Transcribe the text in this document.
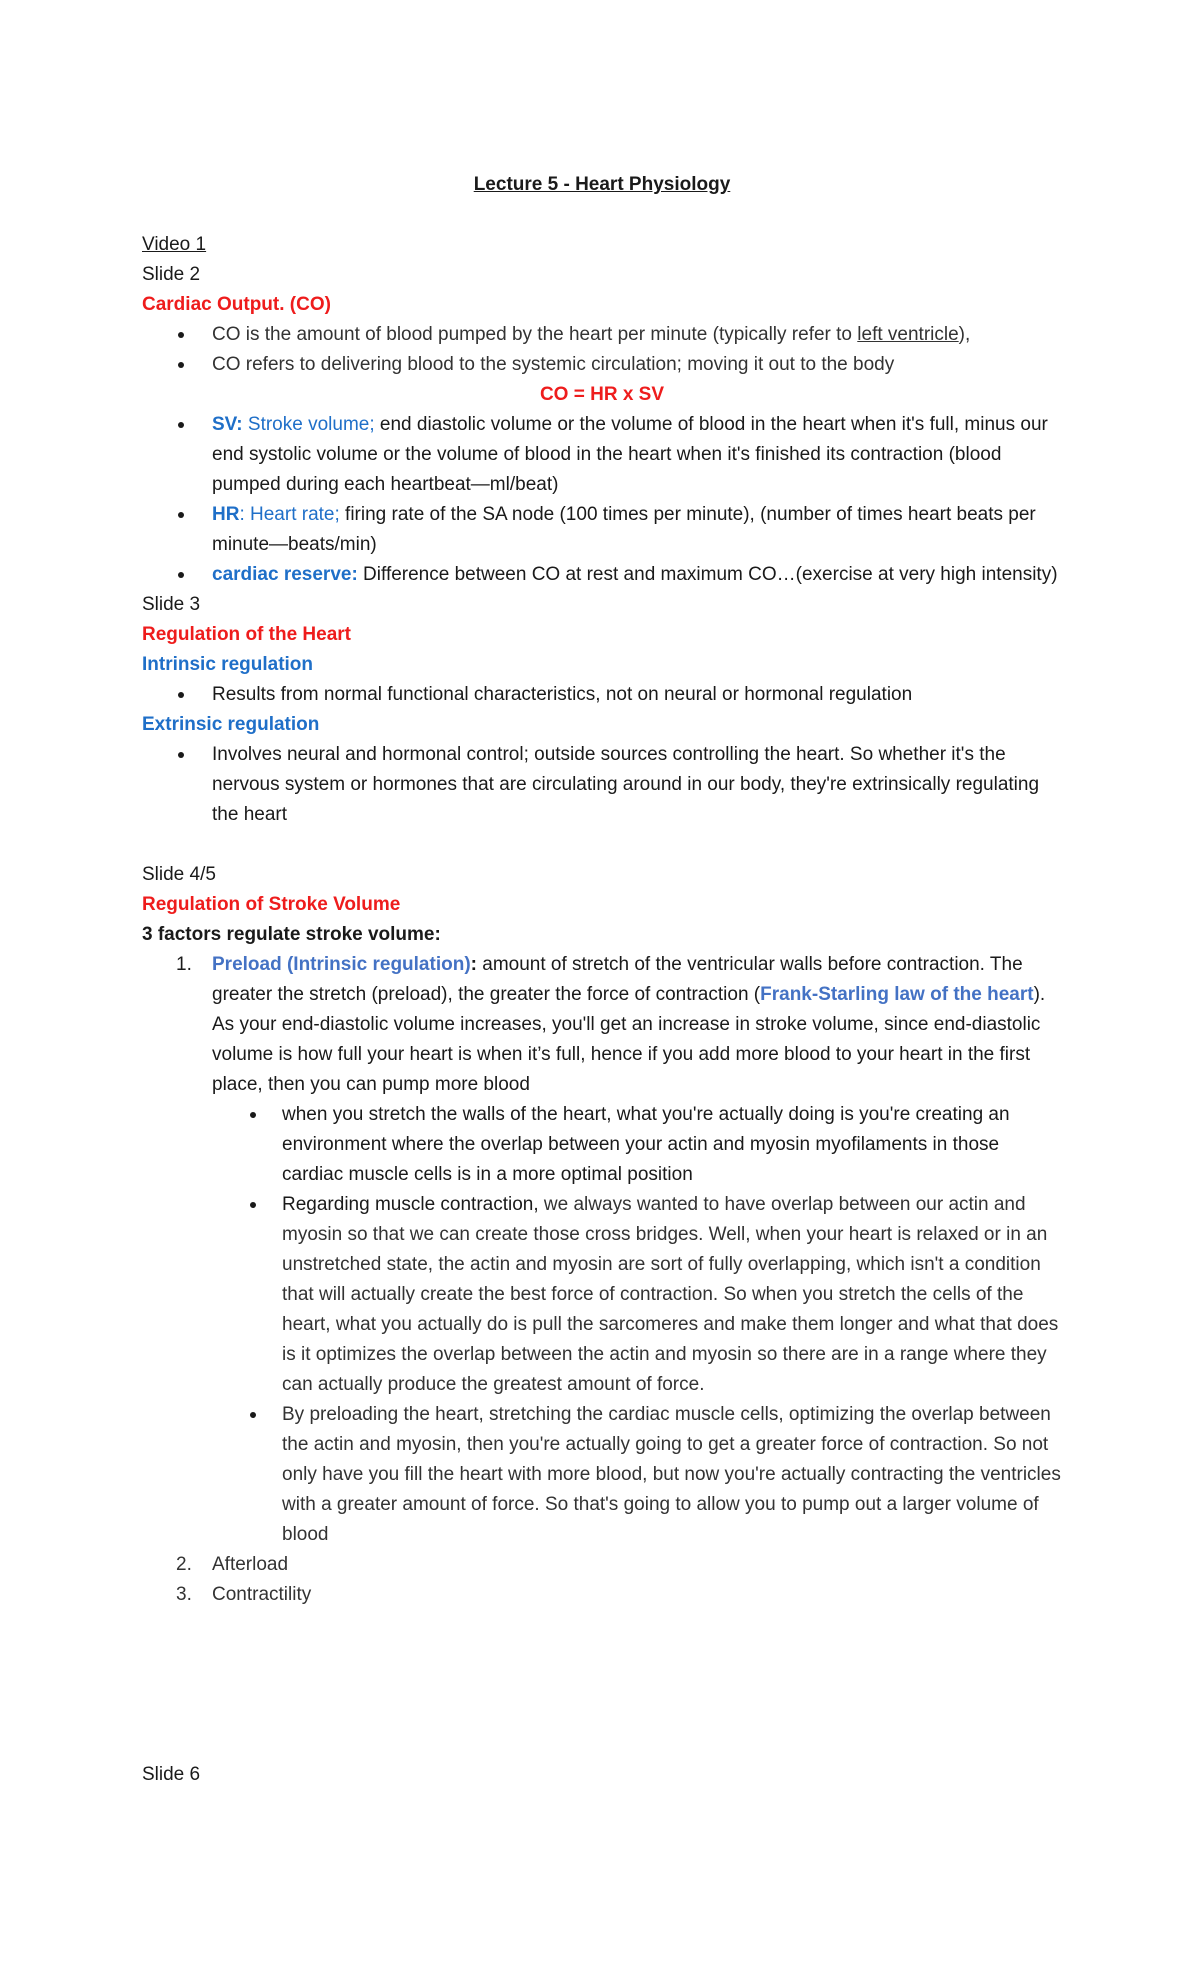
Lecture 5 - Heart Physiology

Video 1

Slide 2

Cardiac Output. (CO)

CO is the amount of blood pumped by the heart per minute (typically refer to left ventricle),
CO refers to delivering blood to the systemic circulation; moving it out to the body

CO = HR x SV

SV: Stroke volume; end diastolic volume or the volume of blood in the heart when it's full, minus our end systolic volume or the volume of blood in the heart when it's finished its contraction (blood pumped during each heartbeat—ml/beat)
HR: Heart rate; firing rate of the SA node (100 times per minute), (number of times heart beats per minute—beats/min)
cardiac reserve: Difference between CO at rest and maximum CO…(exercise at very high intensity)

Slide 3

Regulation of the Heart

Intrinsic regulation

Results from normal functional characteristics, not on neural or hormonal regulation

Extrinsic regulation

Involves neural and hormonal control; outside sources controlling the heart. So whether it's the nervous system or hormones that are circulating around in our body, they're extrinsically regulating the heart

Slide 4/5

Regulation of Stroke Volume

3 factors regulate stroke volume:

1. Preload (Intrinsic regulation): amount of stretch of the ventricular walls before contraction. The greater the stretch (preload), the greater the force of contraction (Frank-Starling law of the heart). As your end-diastolic volume increases, you'll get an increase in stroke volume, since end-diastolic volume is how full your heart is when it’s full, hence if you add more blood to your heart in the first place, then you can pump more blood
when you stretch the walls of the heart, what you're actually doing is you're creating an environment where the overlap between your actin and myosin myofilaments in those cardiac muscle cells is in a more optimal position
Regarding muscle contraction, we always wanted to have overlap between our actin and myosin so that we can create those cross bridges. Well, when your heart is relaxed or in an unstretched state, the actin and myosin are sort of fully overlapping, which isn't a condition that will actually create the best force of contraction. So when you stretch the cells of the heart, what you actually do is pull the sarcomeres and make them longer and what that does is it optimizes the overlap between the actin and myosin so there are in a range where they can actually produce the greatest amount of force.
By preloading the heart, stretching the cardiac muscle cells, optimizing the overlap between the actin and myosin, then you're actually going to get a greater force of contraction. So not only have you fill the heart with more blood, but now you're actually contracting the ventricles with a greater amount of force. So that's going to allow you to pump out a larger volume of blood
2. Afterload
3. Contractility

Slide 6
